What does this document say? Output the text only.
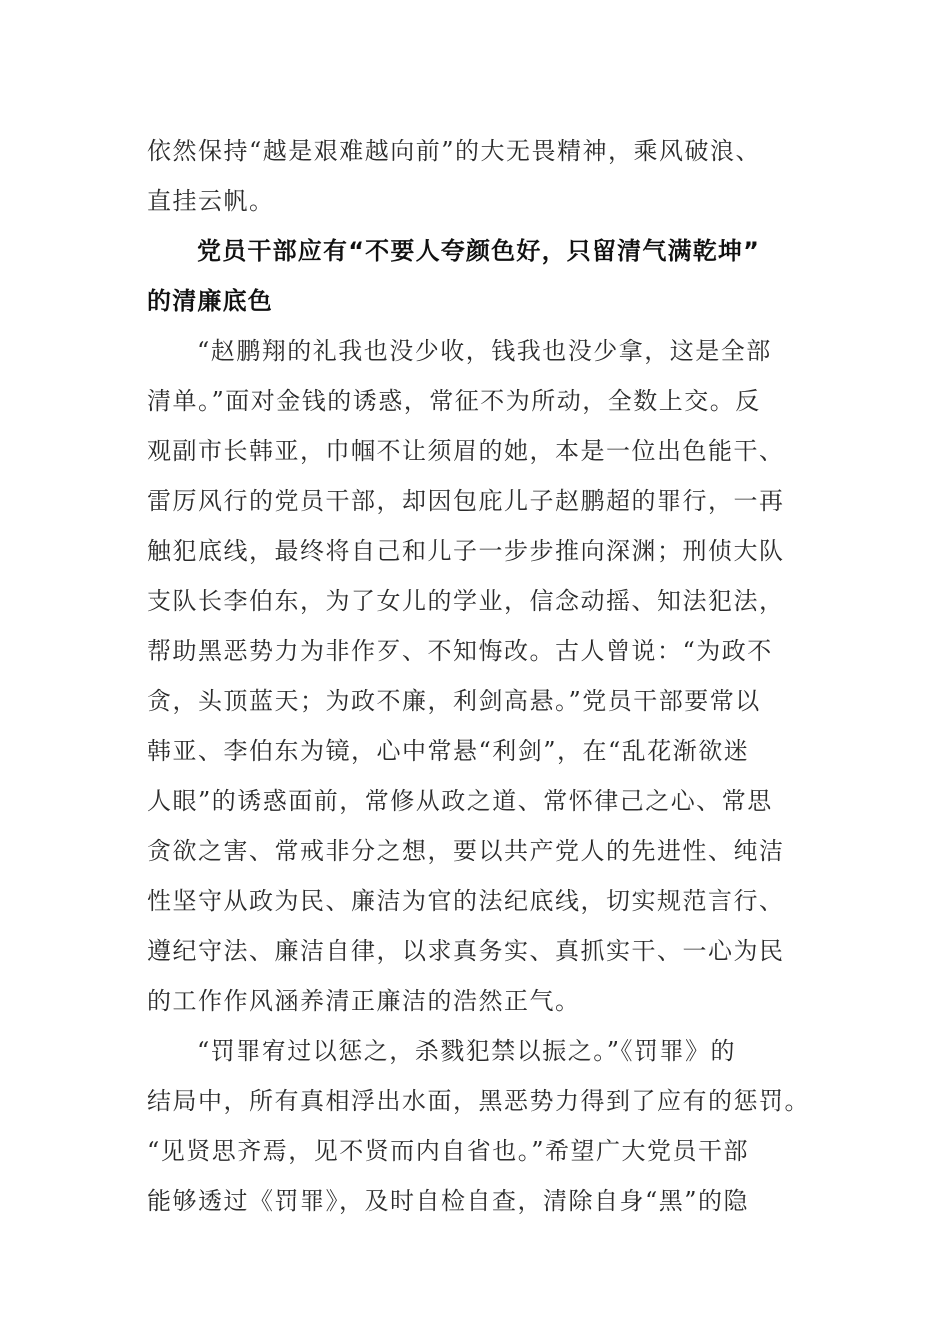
依然保持“越是艰难越向前”的大无畏精神，乘风破浪、
直挂云帆。
党员干部应有“不要人夸颜色好，只留清气满乾坤”
的清廉底色
“赵鹏翔的礼我也没少收，钱我也没少拿，这是全部
清单。”面对金钱的诱惑，常征不为所动，全数上交。反
观副市长韩亚，巾帼不让须眉的她，本是一位出色能干、
雷厉风行的党员干部，却因包庇儿子赵鹏超的罪行，一再
触犯底线，最终将自己和儿子一步步推向深渊；刑侦大队
支队长李伯东，为了女儿的学业，信念动摇、知法犯法，
帮助黑恶势力为非作歹、不知悔改。古人曾说：“为政不
贪，头顶蓝天；为政不廉，利剑高悬。”党员干部要常以
韩亚、李伯东为镜，心中常悬“利剑”，在“乱花渐欲迷
人眼”的诱惑面前，常修从政之道、常怀律己之心、常思
贪欲之害、常戒非分之想，要以共产党人的先进性、纯洁
性坚守从政为民、廉洁为官的法纪底线，切实规范言行、
遵纪守法、廉洁自律，以求真务实、真抓实干、一心为民
的工作作风涵养清正廉洁的浩然正气。
“罚罪宥过以惩之，杀戮犯禁以振之。”《罚罪》的
结局中，所有真相浮出水面，黑恶势力得到了应有的惩罚。
“见贤思齐焉，见不贤而内自省也。”希望广大党员干部
能够透过《罚罪》，及时自检自查，清除自身“黑”的隐
